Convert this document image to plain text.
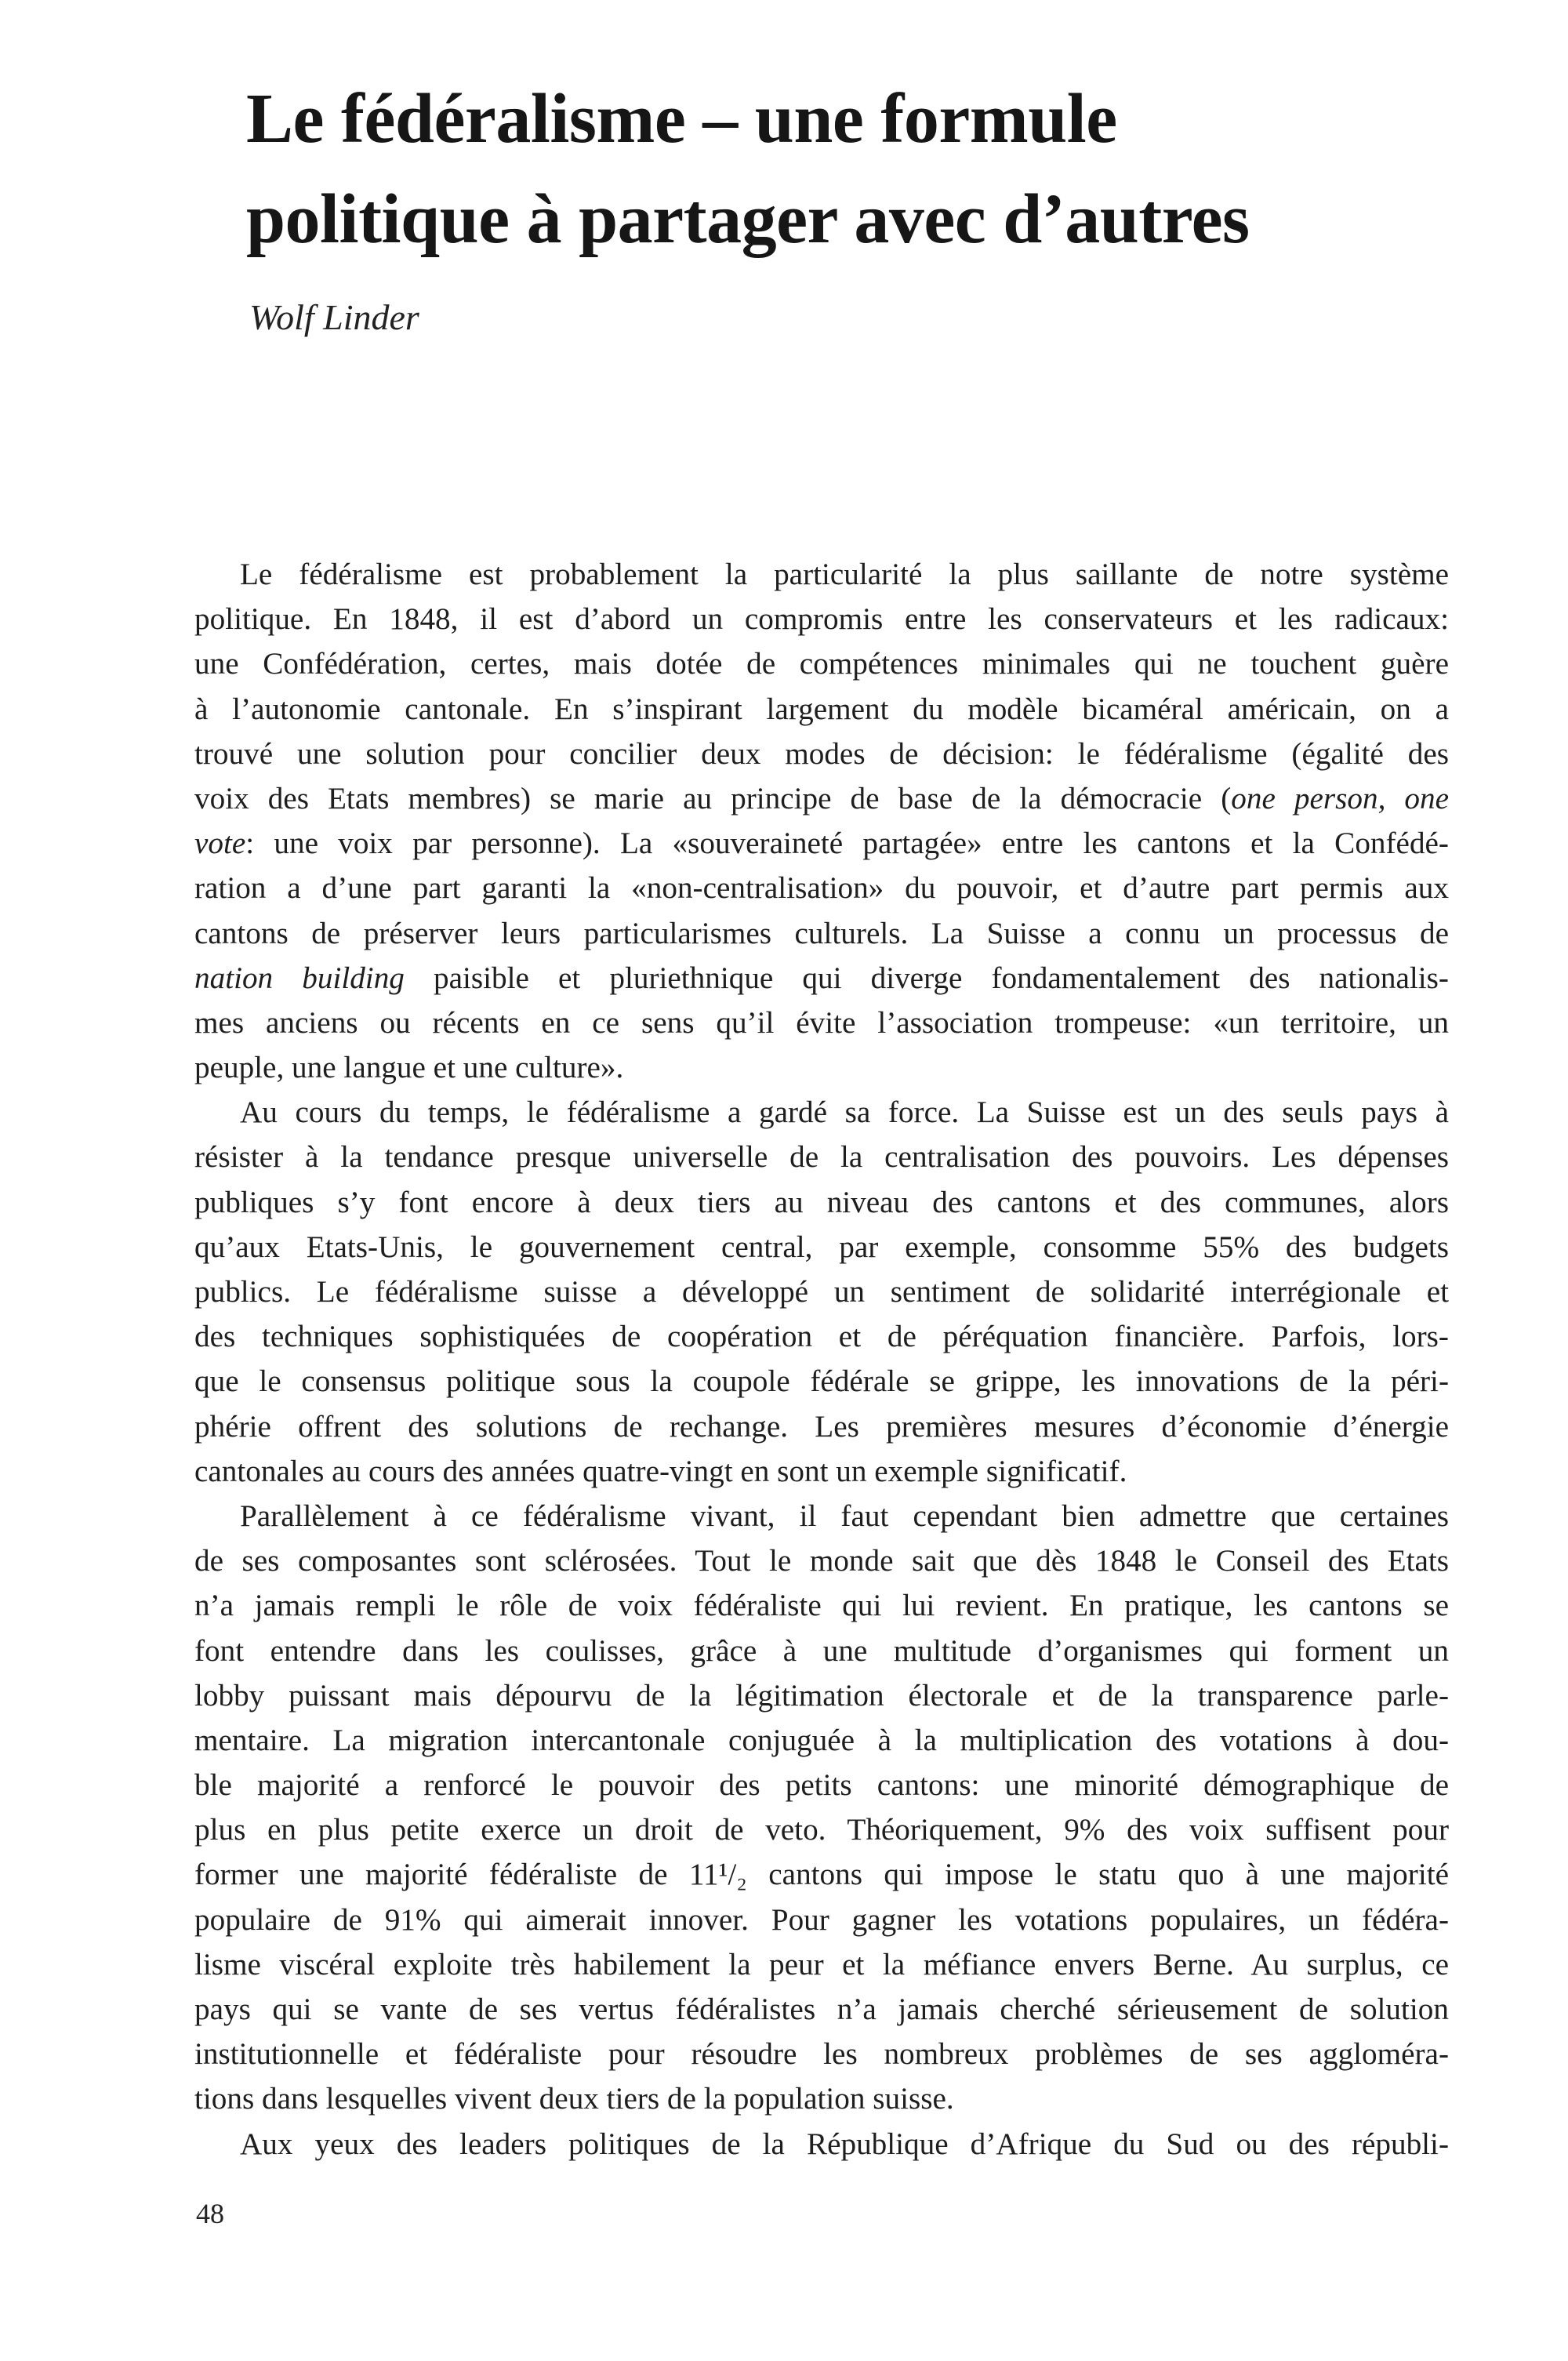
Le fédéralisme – une formule
politique à partager avec d’autres

Wolf Linder

Le fédéralisme est probablement la particularité la plus saillante de notre système
politique. En 1848, il est d’abord un compromis entre les conservateurs et les radicaux:
une Confédération, certes, mais dotée de compétences minimales qui ne touchent guère
à l’autonomie cantonale. En s’inspirant largement du modèle bicaméral américain, on a
trouvé une solution pour concilier deux modes de décision: le fédéralisme (égalité des
voix des Etats membres) se marie au principe de base de la démocracie (one person, one
vote: une voix par personne). La «souveraineté partagée» entre les cantons et la Confédé-
ration a d’une part garanti la «non-centralisation» du pouvoir, et d’autre part permis aux
cantons de préserver leurs particularismes culturels. La Suisse a connu un processus de
nation building paisible et pluriethnique qui diverge fondamentalement des nationalis-
mes anciens ou récents en ce sens qu’il évite l’association trompeuse: «un territoire, un
peuple, une langue et une culture».

Au cours du temps, le fédéralisme a gardé sa force. La Suisse est un des seuls pays à
résister à la tendance presque universelle de la centralisation des pouvoirs. Les dépenses
publiques s’y font encore à deux tiers au niveau des cantons et des communes, alors
qu’aux Etats-Unis, le gouvernement central, par exemple, consomme 55% des budgets
publics. Le fédéralisme suisse a développé un sentiment de solidarité interrégionale et
des techniques sophistiquées de coopération et de péréquation financière. Parfois, lors-
que le consensus politique sous la coupole fédérale se grippe, les innovations de la péri-
phérie offrent des solutions de rechange. Les premières mesures d’économie d’énergie
cantonales au cours des années quatre-vingt en sont un exemple significatif.

Parallèlement à ce fédéralisme vivant, il faut cependant bien admettre que certaines
de ses composantes sont sclérosées. Tout le monde sait que dès 1848 le Conseil des Etats
n’a jamais rempli le rôle de voix fédéraliste qui lui revient. En pratique, les cantons se
font entendre dans les coulisses, grâce à une multitude d’organismes qui forment un
lobby puissant mais dépourvu de la légitimation électorale et de la transparence parle-
mentaire. La migration intercantonale conjuguée à la multiplication des votations à dou-
ble majorité a renforcé le pouvoir des petits cantons: une minorité démographique de
plus en plus petite exerce un droit de veto. Théoriquement, 9% des voix suffisent pour
former une majorité fédéraliste de 11¹/₂ cantons qui impose le statu quo à une majorité
populaire de 91% qui aimerait innover. Pour gagner les votations populaires, un fédéra-
lisme viscéral exploite très habilement la peur et la méfiance envers Berne. Au surplus, ce
pays qui se vante de ses vertus fédéralistes n’a jamais cherché sérieusement de solution
institutionnelle et fédéraliste pour résoudre les nombreux problèmes de ses aggloméra-
tions dans lesquelles vivent deux tiers de la population suisse.

Aux yeux des leaders politiques de la République d’Afrique du Sud ou des républi-

48
